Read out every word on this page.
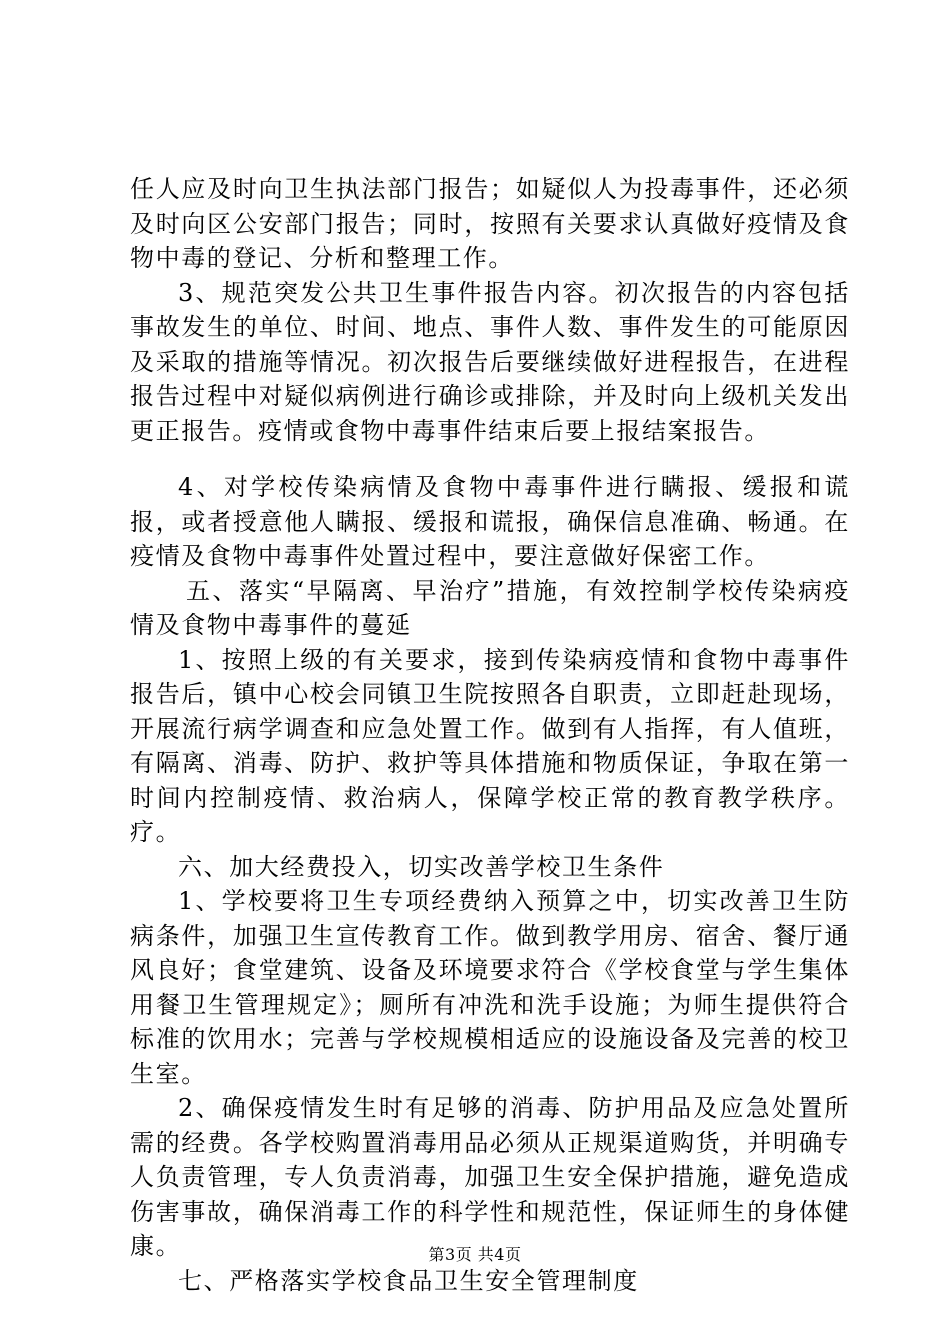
任人应及时向卫生执法部门报告；如疑似人为投毒事件，还必须及时向区公安部门报告；同时，按照有关要求认真做好疫情及食物中毒的登记、分析和整理工作。

3、规范突发公共卫生事件报告内容。初次报告的内容包括事故发生的单位、时间、地点、事件人数、事件发生的可能原因及采取的措施等情况。初次报告后要继续做好进程报告，在进程报告过程中对疑似病例进行确诊或排除，并及时向上级机关发出更正报告。疫情或食物中毒事件结束后要上报结案报告。

4、对学校传染病情及食物中毒事件进行瞒报、缓报和谎报，或者授意他人瞒报、缓报和谎报，确保信息准确、畅通。在疫情及食物中毒事件处置过程中，要注意做好保密工作。

五、落实“早隔离、早治疗”措施，有效控制学校传染病疫情及食物中毒事件的蔓延

1、按照上级的有关要求，接到传染病疫情和食物中毒事件报告后，镇中心校会同镇卫生院按照各自职责，立即赶赴现场，开展流行病学调查和应急处置工作。做到有人指挥，有人值班，有隔离、消毒、防护、救护等具体措施和物质保证，争取在第一时间内控制疫情、救治病人，保障学校正常的教育教学秩序。疗。

六、加大经费投入，切实改善学校卫生条件

1、学校要将卫生专项经费纳入预算之中，切实改善卫生防病条件，加强卫生宣传教育工作。做到教学用房、宿舍、餐厅通风良好；食堂建筑、设备及环境要求符合《学校食堂与学生集体用餐卫生管理规定》；厕所有冲洗和洗手设施；为师生提供符合标准的饮用水；完善与学校规模相适应的设施设备及完善的校卫生室。

2、确保疫情发生时有足够的消毒、防护用品及应急处置所需的经费。各学校购置消毒用品必须从正规渠道购货，并明确专人负责管理，专人负责消毒，加强卫生安全保护措施，避免造成伤害事故，确保消毒工作的科学性和规范性，保证师生的身体健康。

七、严格落实学校食品卫生安全管理制度

第3页 共4页
